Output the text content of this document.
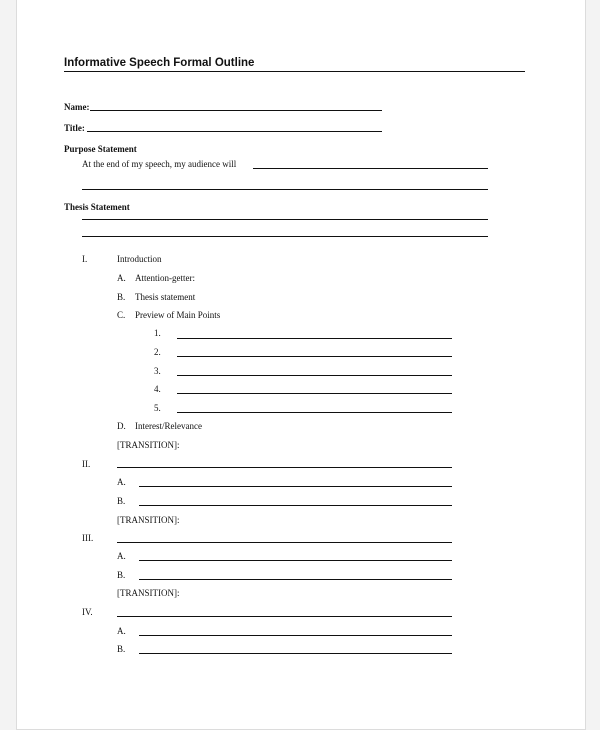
Informative Speech Formal Outline
Name:
Title:
Purpose Statement
At the end of my speech, my audience will
Thesis Statement
I.	Introduction
A. Attention-getter:
B. Thesis statement
C. Preview of Main Points
1.
2.
3.
4.
5.
D. Interest/Relevance
[TRANSITION]:
II.
A.
B.
[TRANSITION]:
III.
A.
B.
[TRANSITION]:
IV.
A.
B.
